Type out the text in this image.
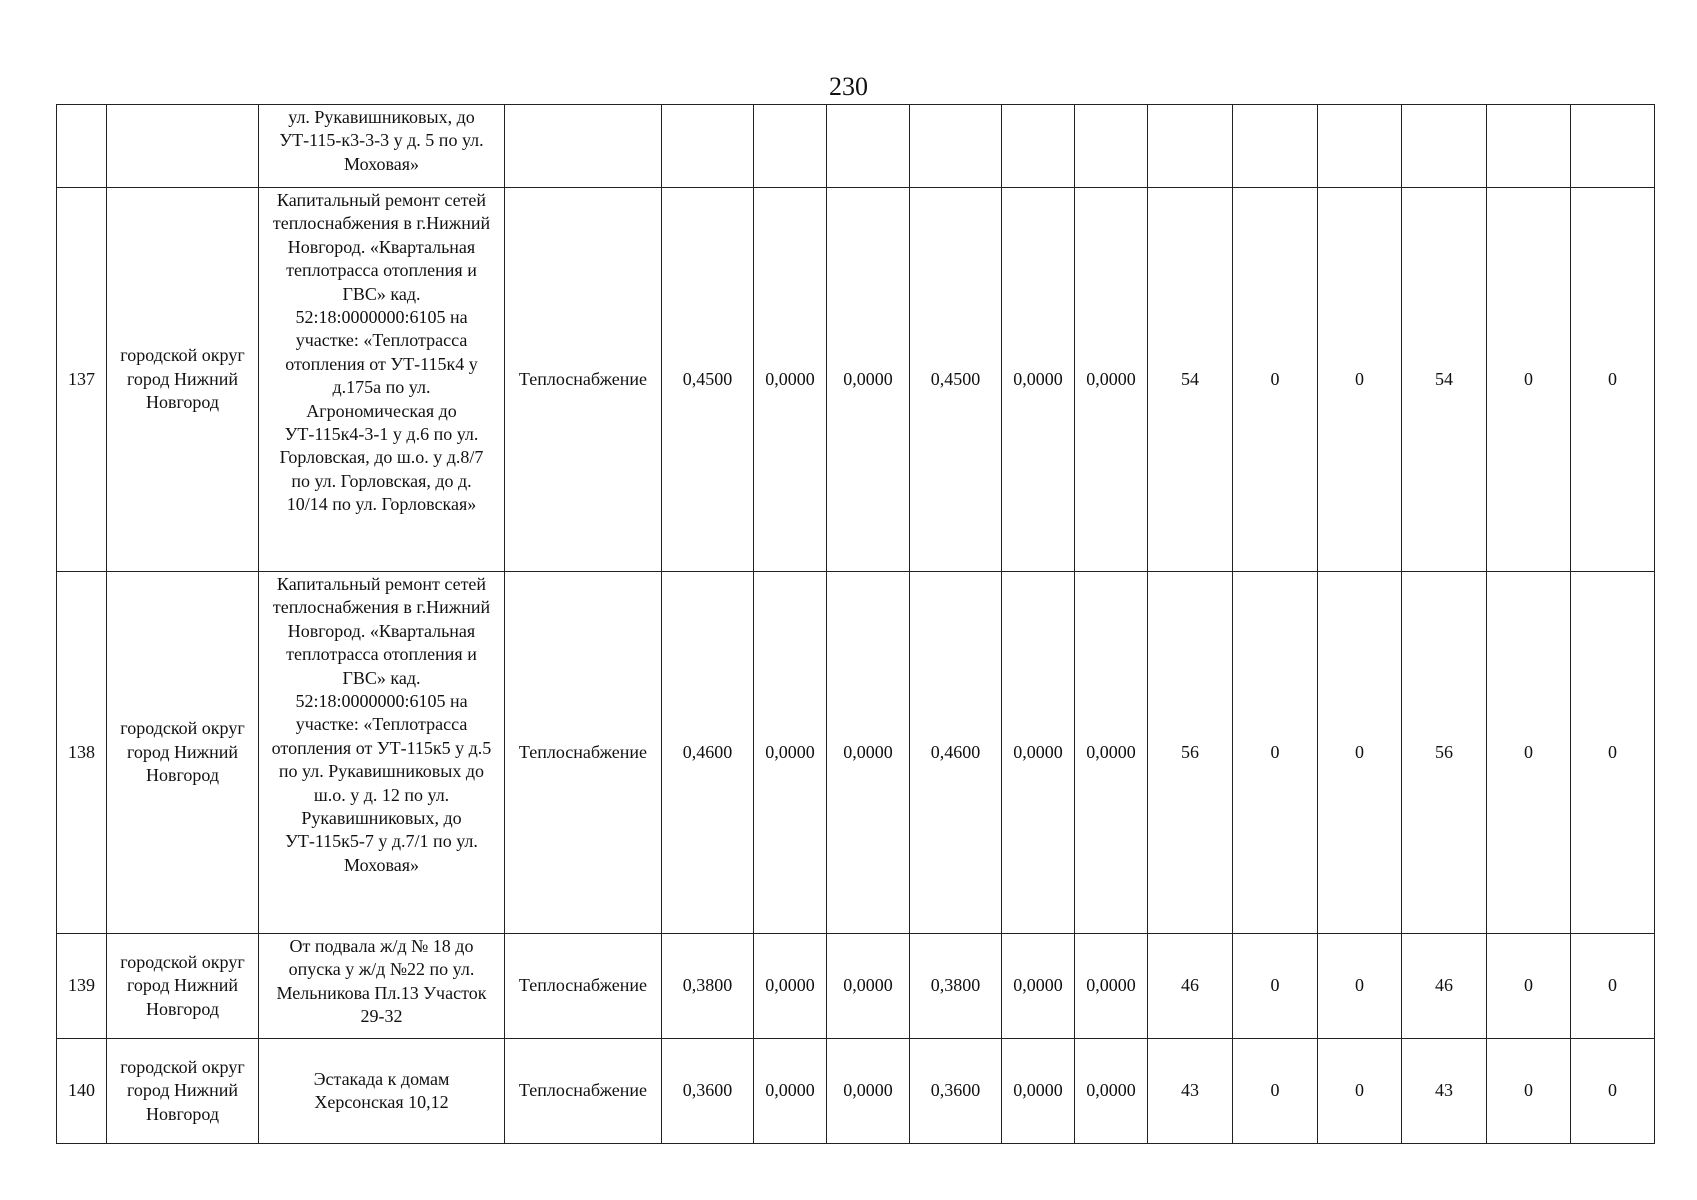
230
		ул. Рукавишниковых, до УТ-115-к3-3-3 у д. 5 по ул. Моховая»													
137	городской округ город Нижний Новгород	Капитальный ремонт сетей теплоснабжения в г.Нижний Новгород. «Квартальная теплотрасса отопления и ГВС» кад. 52:18:0000000:6105 на участке: «Теплотрасса отопления от УТ-115к4 у д.175а по ул. Агрономическая до УТ-115к4-3-1 у д.6 по ул. Горловская, до ш.о. у д.8/7 по ул. Горловская, до д. 10/14 по ул. Горловская»	Теплоснабжение	0,4500	0,0000	0,0000	0,4500	0,0000	0,0000	54	0	0	54	0	0
138	городской округ город Нижний Новгород	Капитальный ремонт сетей теплоснабжения в г.Нижний Новгород. «Квартальная теплотрасса отопления и ГВС» кад. 52:18:0000000:6105 на участке: «Теплотрасса отопления от УТ-115к5 у д.5 по ул. Рукавишниковых до ш.о. у д. 12 по ул. Рукавишниковых, до УТ-115к5-7 у д.7/1 по ул. Моховая»	Теплоснабжение	0,4600	0,0000	0,0000	0,4600	0,0000	0,0000	56	0	0	56	0	0
139	городской округ город Нижний Новгород	От подвала ж/д № 18 до опуска у ж/д №22 по ул. Мельникова Пл.13 Участок 29-32	Теплоснабжение	0,3800	0,0000	0,0000	0,3800	0,0000	0,0000	46	0	0	46	0	0
140	городской округ город Нижний Новгород	Эстакада к домам Херсонская 10,12	Теплоснабжение	0,3600	0,0000	0,0000	0,3600	0,0000	0,0000	43	0	0	43	0	0
